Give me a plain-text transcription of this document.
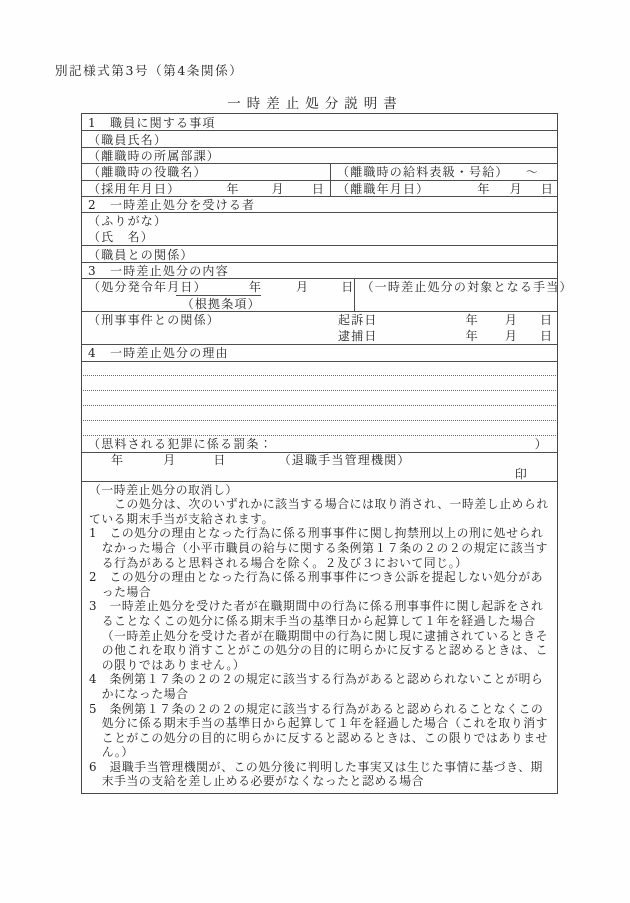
別記様式第3号（第4条関係）
一時差止処分説明書
1　職員に関する事項
（職員氏名）
（離職時の所属部課）
（離職時の役職名）	（離職時の給料表級・号給） ～
（採用年月日）	年	月 日 （離職年月日）	年 月 日
2　一時差止処分を受ける者
（ふりがな）
（氏　名）
（職員との関係）
3　一時差止処分の内容
（処分発令年月日）	年	月	日
（根拠条項）
（一時差止処分の対象となる手当）
（刑事事件との関係）	起訴日	年 月 日
逮捕日	年 月 日
4　一時差止処分の理由
（思料される犯罪に係る罰条：	）
年	月	日	（退職手当管理機関）
印
（一時差止処分の取消し）
　この処分は、次のいずれかに該当する場合には取り消され、一時差し止められている期末手当が支給されます。
1　この処分の理由となった行為に係る刑事事件に関し拘禁刑以上の刑に処せられなかった場合（小平市職員の給与に関する条例第１７条の２の２の規定に該当する行為があると思料される場合を除く。２及び３において同じ。）
2　この処分の理由となった行為に係る刑事事件につき公訴を提起しない処分があった場合
3　一時差止処分を受けた者が在職期間中の行為に係る刑事事件に関し起訴をされることなくこの処分に係る期末手当の基準日から起算して１年を経過した場合（一時差止処分を受けた者が在職期間中の行為に関し現に逮捕されているときその他これを取り消すことがこの処分の目的に明らかに反すると認めるときは、この限りではありません。）
4　条例第１７条の２の２の規定に該当する行為があると認められないことが明らかになった場合
5　条例第１７条の２の２の規定に該当する行為があると認められることなくこの処分に係る期末手当の基準日から起算して１年を経過した場合（これを取り消すことがこの処分の目的に明らかに反すると認めるときは、この限りではありません。）
6　退職手当管理機関が、この処分後に判明した事実又は生じた事情に基づき、期末手当の支給を差し止める必要がなくなったと認める場合
